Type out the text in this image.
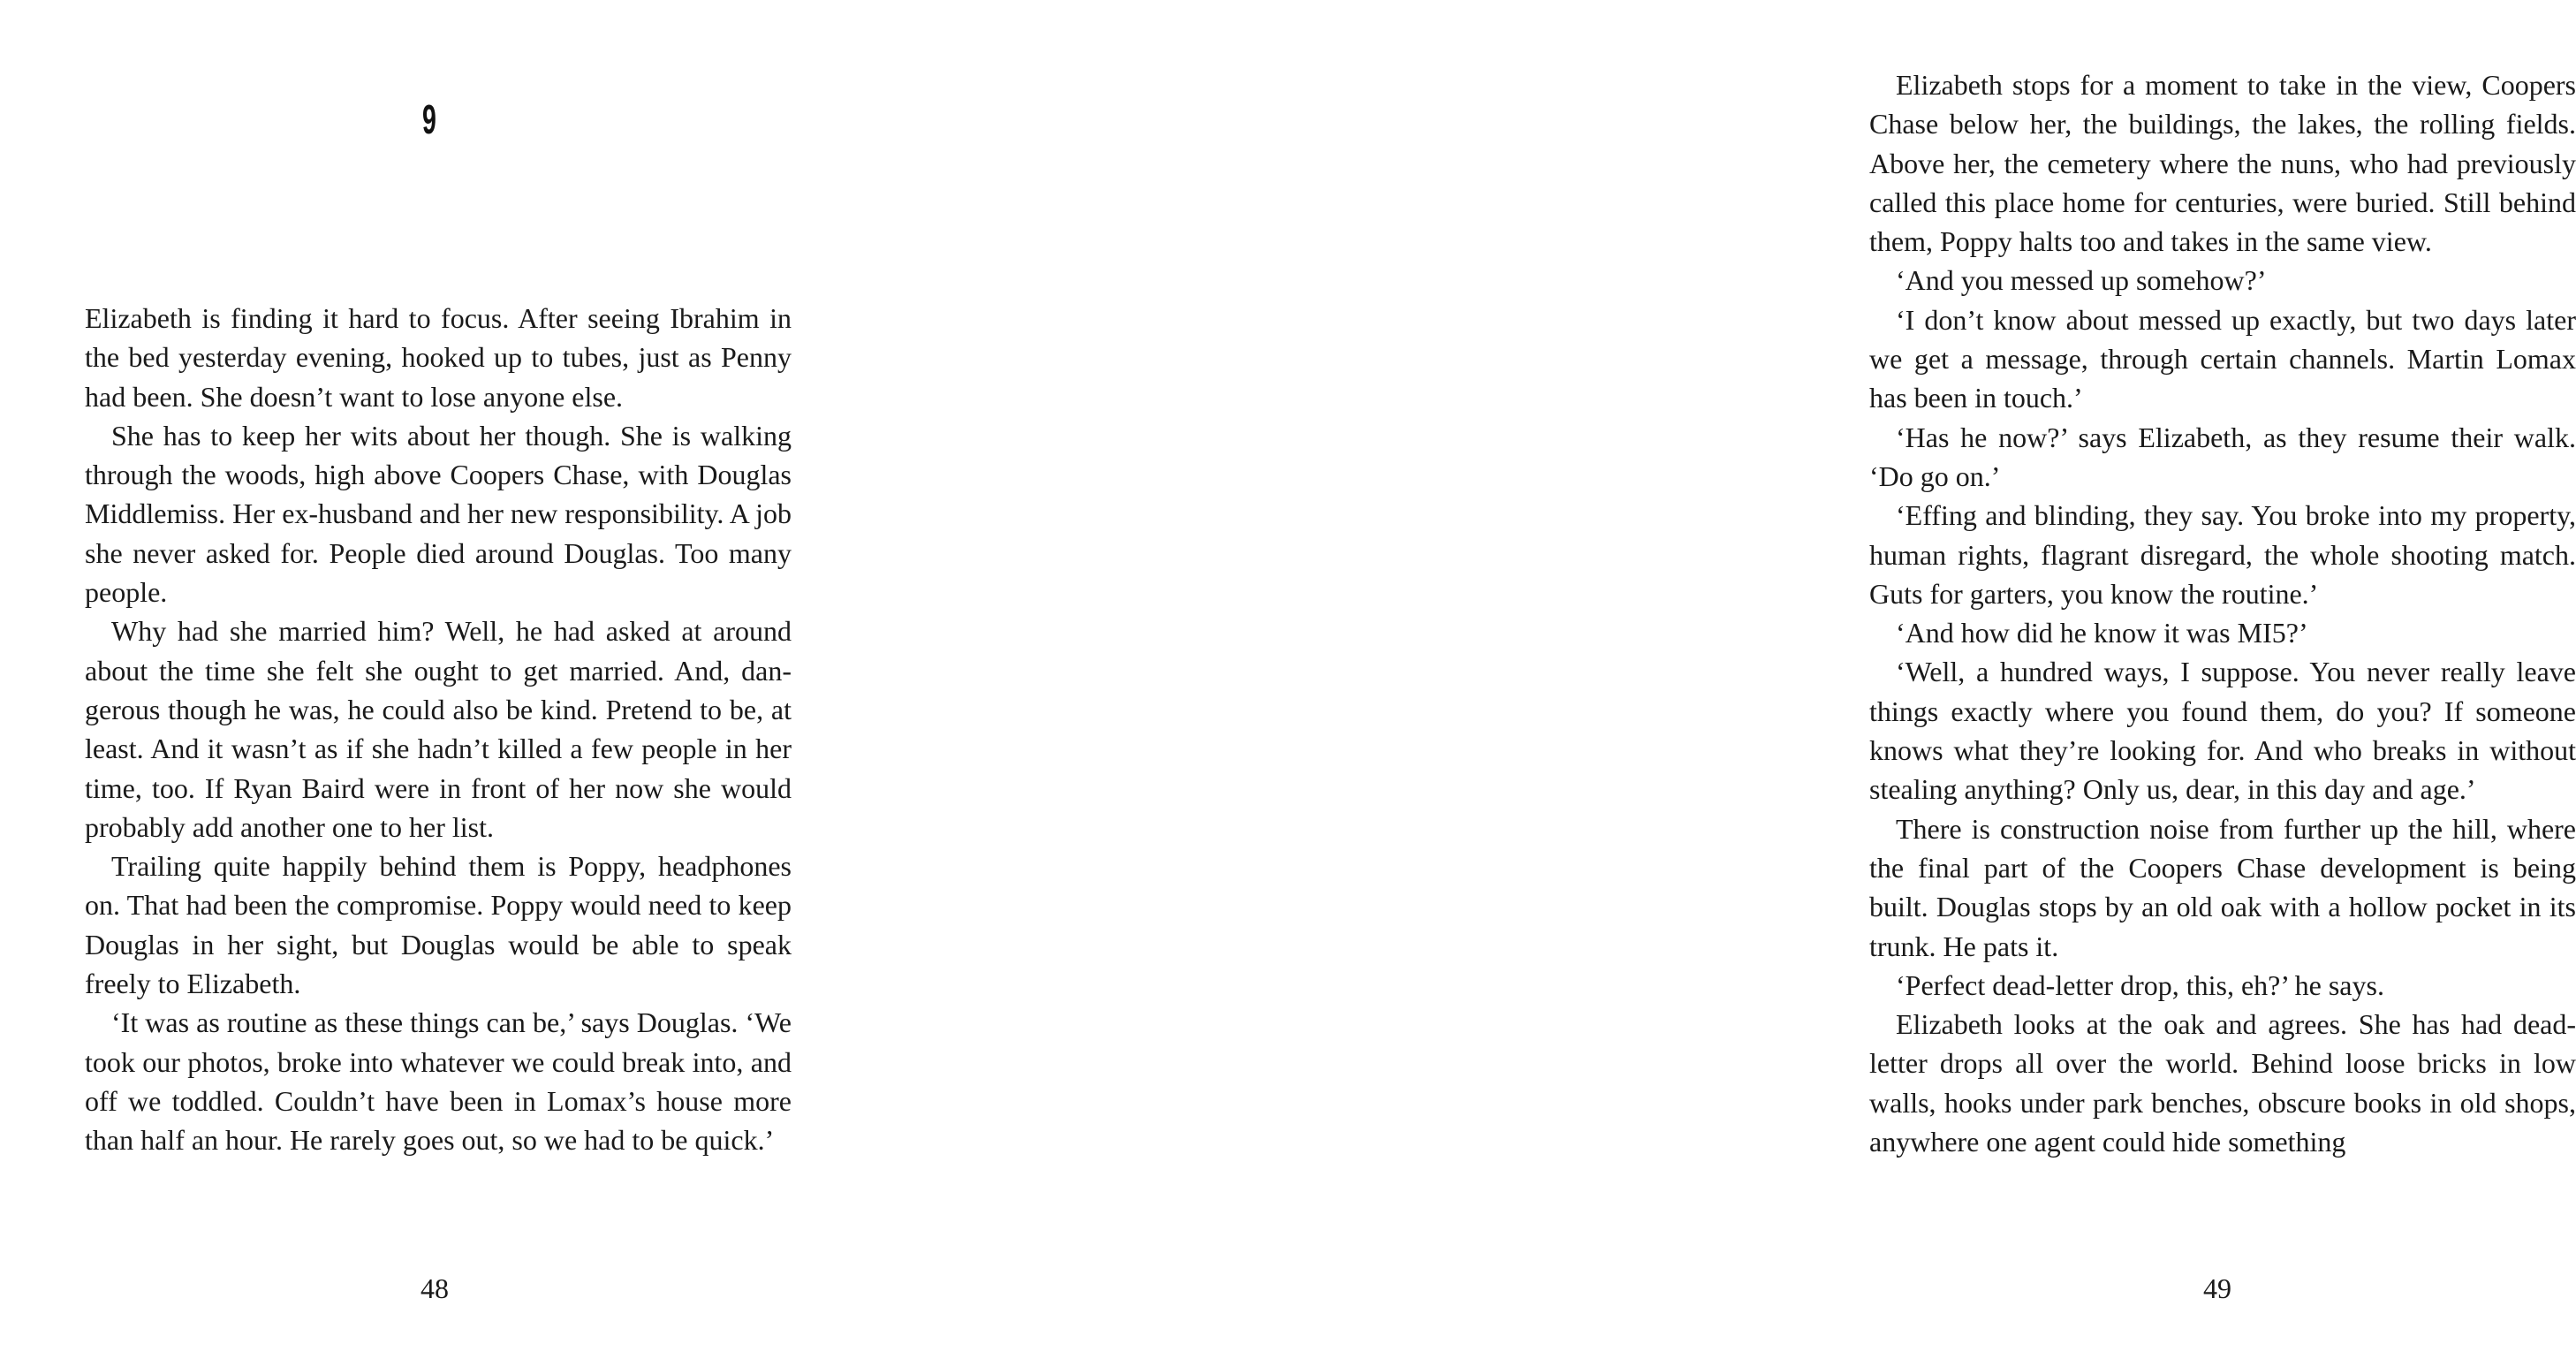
9

Elizabeth is finding it hard to focus. After seeing Ibrahim in the bed yesterday evening, hooked up to tubes, just as Penny had been. She doesn’t want to lose anyone else.

She has to keep her wits about her though. She is walking through the woods, high above Coopers Chase, with Douglas Middlemiss. Her ex-husband and her new responsibility. A job she never asked for. People died around Douglas. Too many people.

Why had she married him? Well, he had asked at around about the time she felt she ought to get married. And, dangerous though he was, he could also be kind. Pretend to be, at least. And it wasn’t as if she hadn’t killed a few people in her time, too. If Ryan Baird were in front of her now she would probably add another one to her list.

Trailing quite happily behind them is Poppy, headphones on. That had been the compromise. Poppy would need to keep Douglas in her sight, but Douglas would be able to speak freely to Elizabeth.

‘It was as routine as these things can be,’ says Douglas. ‘We took our photos, broke into whatever we could break into, and off we toddled. Couldn’t have been in Lomax’s house more than half an hour. He rarely goes out, so we had to be quick.’

48

Elizabeth stops for a moment to take in the view, Coopers Chase below her, the buildings, the lakes, the rolling fields. Above her, the cemetery where the nuns, who had previously called this place home for centuries, were buried. Still behind them, Poppy halts too and takes in the same view.

‘And you messed up somehow?’

‘I don’t know about messed up exactly, but two days later we get a message, through certain channels. Martin Lomax has been in touch.’

‘Has he now?’ says Elizabeth, as they resume their walk. ‘Do go on.’

‘Effing and blinding, they say. You broke into my property, human rights, flagrant disregard, the whole shooting match. Guts for garters, you know the routine.’

‘And how did he know it was MI5?’

‘Well, a hundred ways, I suppose. You never really leave things exactly where you found them, do you? If someone knows what they’re looking for. And who breaks in without stealing anything? Only us, dear, in this day and age.’

There is construction noise from further up the hill, where the final part of the Coopers Chase development is being built. Douglas stops by an old oak with a hollow pocket in its trunk. He pats it.

‘Perfect dead-letter drop, this, eh?’ he says.

Elizabeth looks at the oak and agrees. She has had dead-letter drops all over the world. Behind loose bricks in low walls, hooks under park benches, obscure books in old shops, anywhere one agent could hide something

49
